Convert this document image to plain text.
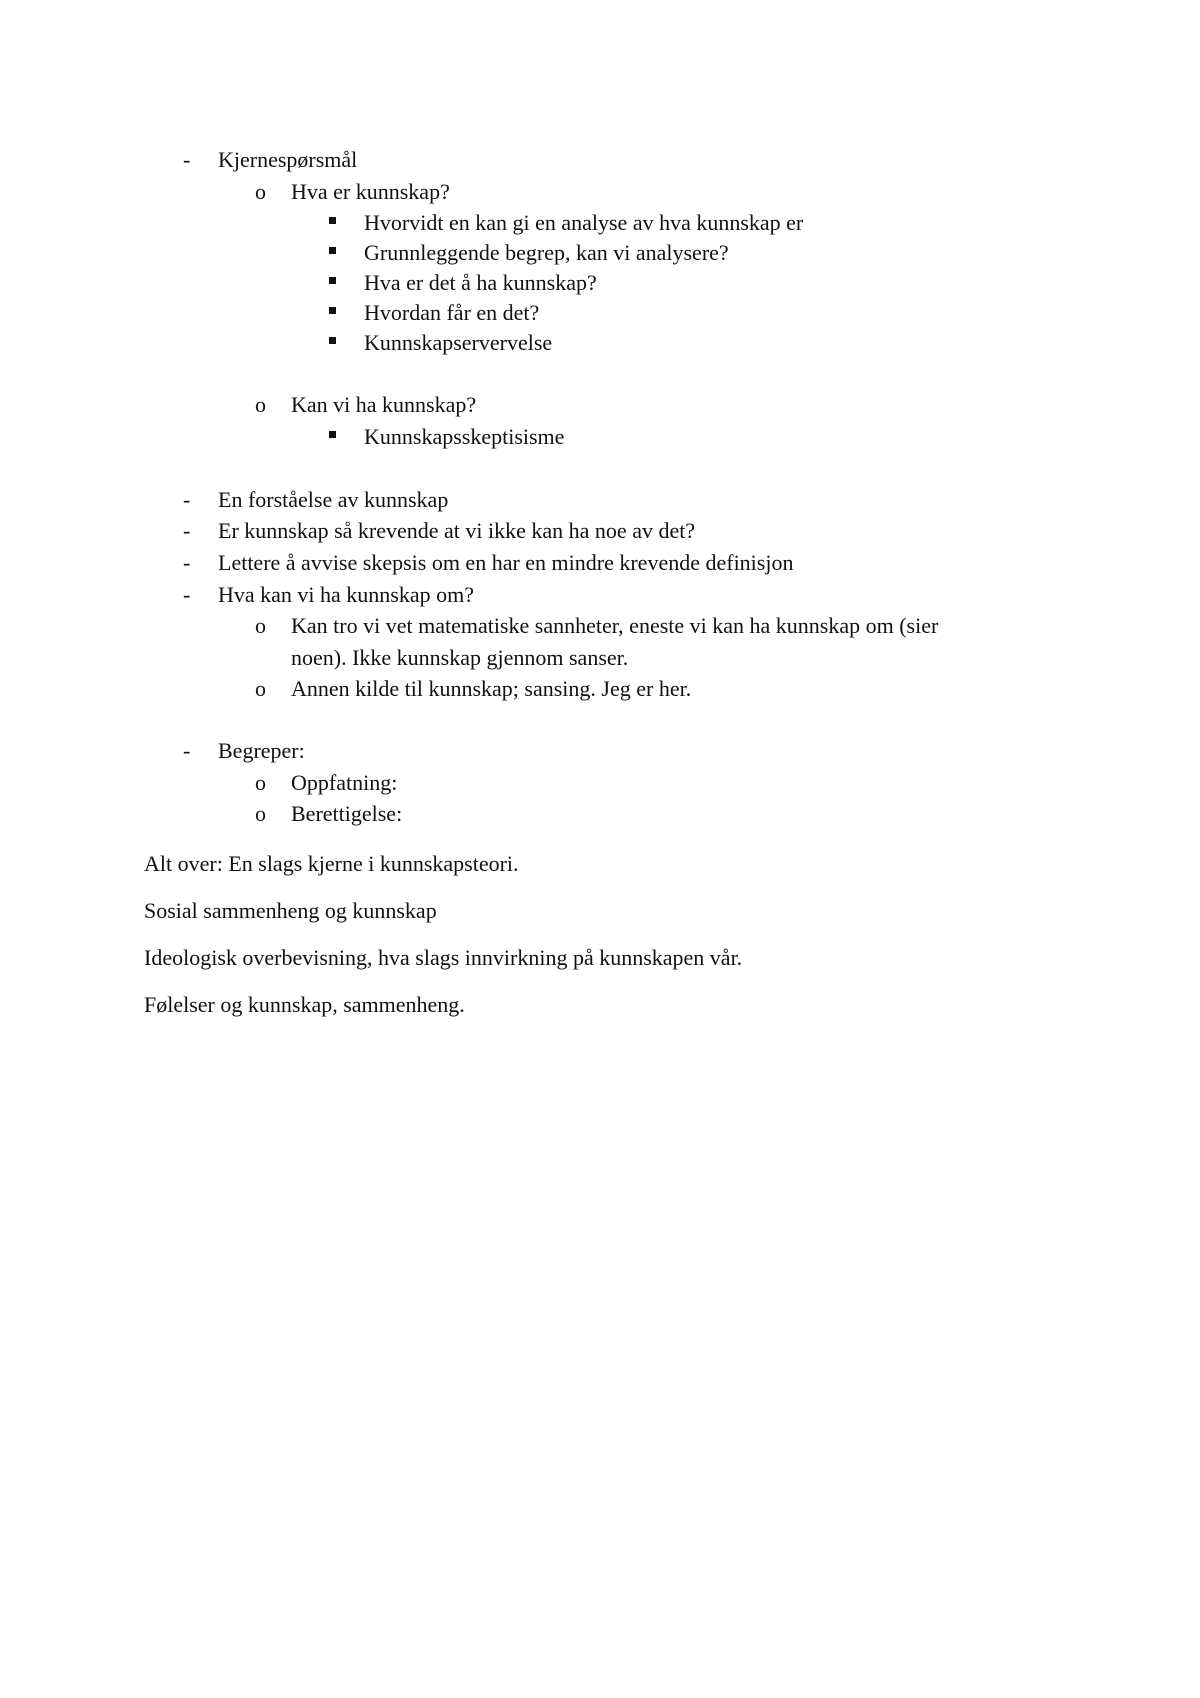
- Kjernespørsmål
o Hva er kunnskap?
Hvorvidt en kan gi en analyse av hva kunnskap er
Grunnleggende begrep, kan vi analysere?
Hva er det å ha kunnskap?
Hvordan får en det?
Kunnskapservervelse
o Kan vi ha kunnskap?
Kunnskapsskeptisisme
- En forståelse av kunnskap
- Er kunnskap så krevende at vi ikke kan ha noe av det?
- Lettere å avvise skepsis om en har en mindre krevende definisjon
- Hva kan vi ha kunnskap om?
o Kan tro vi vet matematiske sannheter, eneste vi kan ha kunnskap om (sier
noen). Ikke kunnskap gjennom sanser.
o Annen kilde til kunnskap; sansing. Jeg er her.
- Begreper:
o Oppfatning:
o Berettigelse:
Alt over: En slags kjerne i kunnskapsteori.
Sosial sammenheng og kunnskap
Ideologisk overbevisning, hva slags innvirkning på kunnskapen vår.
Følelser og kunnskap, sammenheng.
